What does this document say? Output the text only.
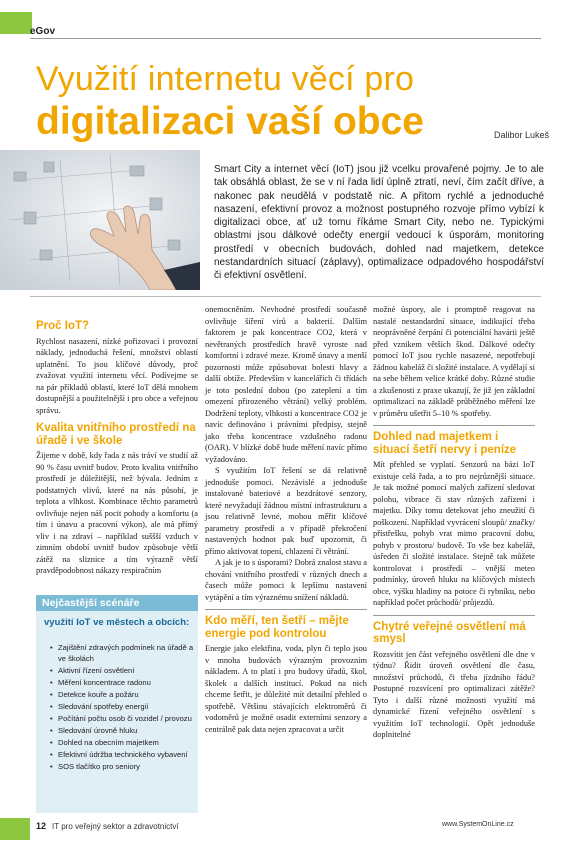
eGov
Využití internetu věcí pro
digitalizaci vaší obce	Dalibor Lukeš

Smart City a internet věcí (IoT) jsou již vcelku provařené pojmy. Je to ale tak obsáhlá oblast, že se v ní řada lidí úplně ztratí, neví, čím začít dříve, a nakonec pak neudělá v podstatě nic. A přitom rychlé a jednoduché nasazení, efektivní provoz a možnost postupného rozvoje přímo vybízí k digitalizaci obce, ať už tomu říkáme Smart City, nebo ne. Typickými oblastmi jsou dálkové odečty energií vedoucí k úsporám, monitoring prostředí v obecních budovách, dohled nad majetkem, detekce nestandardních situací (záplavy), optimalizace odpadového hospodářství či efektivní osvětlení.

Proč IoT?

Rychlost nasazení, nízké pořizovací i provozní náklady, jednoduchá řešení, množství oblastí uplatnění. To jsou klíčové důvody, proč zvažovat využití internetu věcí. Podívejme se na pár příkladů oblastí, které IoT dělá mnohem dostupnější a použitelnější i pro obce a veřejnou správu.

Kvalita vnitřního prostředí na úřadě i ve škole

Žijeme v době, kdy řada z nás tráví ve studií až 90 % času uvnitř budov. Proto kvalita vnitřního prostředí je důležitější, než bývala. Jedním z podstatných vlivů, které na nás působí, je teplota a vlhkost. Kombinace těchto parametrů ovlivňuje nejen náš pocit pohody a komfortu (a tím i únavu a pracovní výkon), ale má přímý vliv i na zdraví – například suššší vzduch v zimním období uvnitř budov způsobuje větší zátěž na sliznice a tím výrazně větší pravděpodobnost nákazy respiračním

Nejčastější scénáře
využití IoT ve městech a obcích:
• Zajištění zdravých podmínek na úřadě a ve školách
• Aktivní řízení osvětlení
• Měření koncentrace radonu
• Detekce kouře a požáru
• Sledování spotřeby energií
• Počítání počtu osob či vozidel / provozu
• Sledování úrovně hluku
• Dohled na obecním majetkem
• Efektivní údržba technického vybavení
• SOS tlačítko pro seniory

onemocněním. Nevhodné prostředí současně ovlivňuje šíření virů a bakterií. Dalším faktorem je pak koncentrace CO2, která v nevětraných prostředích hravě vyroste nad komfortní i zdravé meze. Kromě únavy a menší pozornosti může způsobovat bolesti hlavy a další obtíže. Především v kancelářích či třídách je toto poslední dobou (po zateplení a tím omezení přirozeného větrání) velký problém. Dodržení teploty, vlhkosti a koncentrace CO2 je navíc definováno i právními předpisy, stejně jako třeba koncentrace vzdušného radonu (OAR). V blízké době bude měření navíc přímo vyžadováno.

S využitím IoT řešení se dá relativně jednoduše pomoci. Nezávislé a jednoduše instalované bateriové a bezdrátové senzory, které nevyžadují žádnou místní infrastrukturu a jsou relativně levné, mohou měřit klíčové parametry prostředí a v případě překročení nastavených hodnot pak buď upozornit, či přímo aktivovat topení, chlazení či větrání.

A jak je to s úsporami? Dobrá znalost stavu a chování vnitřního prostředí v různých dnech a časech může pomoci k lepšímu nastavení vytápění a tím výraznému snížení nákladů.

Kdo měří, ten šetří – mějte energie pod kontrolou

Energie jako elektřina, voda, plyn či teplo jsou v mnoha budovách výrazným provozním nákladem. A to platí i pro budovy úřadů, škol, školek a dalších institucí. Pokud na nich chceme šetřit, je důležité mít detailní přehled o spotřebě. Většinu stávajících elektroměrů či vodoměrů je možné osadit externími senzory a centrálně pak data nejen zpracovat a určit

možné úspory, ale i promptně reagovat na nastalé nestandardní situace, indikující třeba neoprávněné čerpání či potenciální havárii ještě před vznikem větších škod. Dálkové odečty pomocí IoT jsou rychle nasazené, nepotřebují žádnou kabeláž či složité instalace. A vydělají si na sebe během velice krátké doby. Různé studie a zkušenosti z praxe ukazují, že již jen základní optimalizací na základě průběžného měření lze v průměru ušetřit 5–10 % spotřeby.

Dohled nad majetkem i situací šetří nervy i peníze

Mít přehled se vyplatí. Senzorů na bázi IoT existuje celá řada, a to pro nejrůznější situace. Je tak možné pomocí malých zařízení sledovat polohu, vibrace či stav různých zařízení i majetku. Díky tomu detekovat jeho zneužití či poškození. Například vyvrácení sloupů/ značky/ přístřešku, pohyb vrat mimo pracovní dobu, pohyb v prostoru/ budově. To vše bez kabeláž, úsředen či složité instalace. Stejně tak můžete kontrolovat i prostředí – vnější meteo podmínky, úroveň hluku na klíčových místech obce, výšku hladiny na potoce či rybníku, nebo například počet průchodů/ průjezdů.

Chytré veřejné osvětlení má smysl

Rozsvítit jen část veřejného osvětlení dle dne v týdnu? Řídit úroveň osvětlení dle času, množství průchodů, či třeba jízdního řádu? Postupné rozsvícení pro optimalizaci zátěže? Tyto i další různé možnosti využití má dynamické řízení veřejného osvětlení s využitím IoT technologií. Opět jednoduše doplnitelné

12 IT pro veřejný sektor a zdravotnictví	www.SystemOnLine.cz
